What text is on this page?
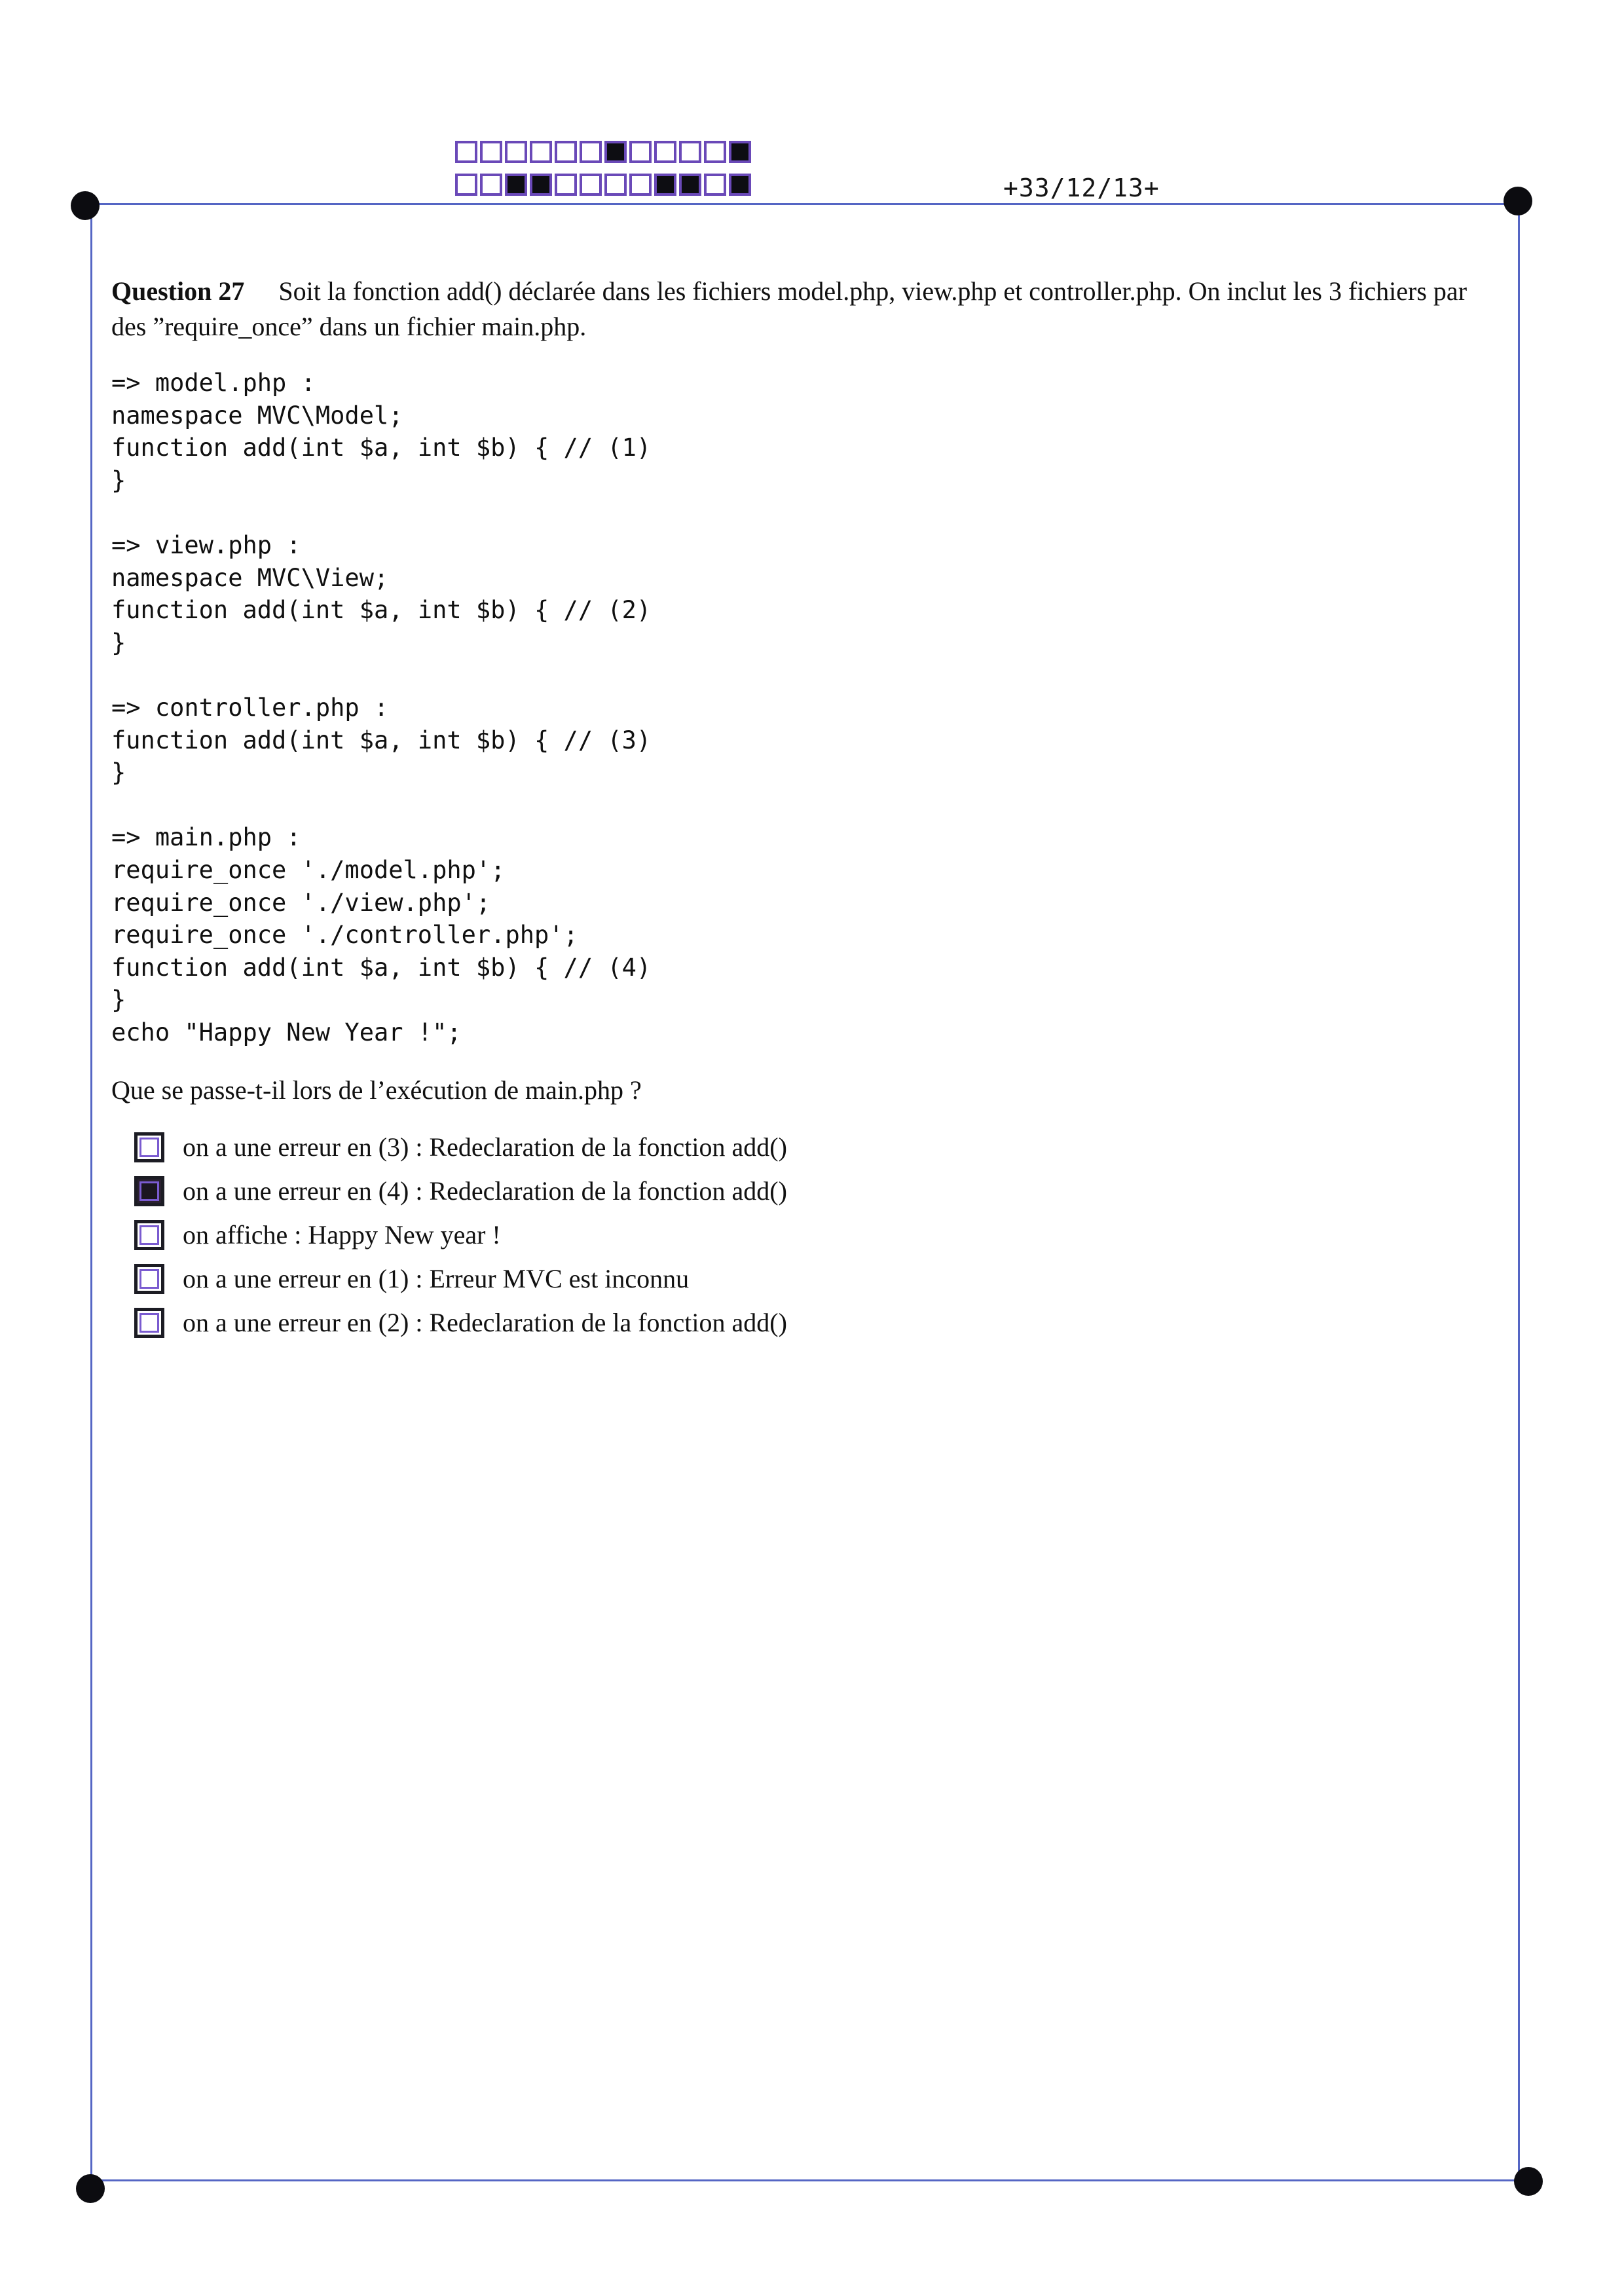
+33/12/13+
Question 27 Soit la fonction add() déclarée dans les fichiers model.php, view.php et controller.php. On inclut les 3 fichiers par des ”require_once” dans un fichier main.php.
=> model.php :
namespace MVC\Model;
function add(int $a, int $b) { // (1)
}
=> view.php :
namespace MVC\View;
function add(int $a, int $b) { // (2)
}
=> controller.php :
function add(int $a, int $b) { // (3)
}
=> main.php :
require_once './model.php';
require_once './view.php';
require_once './controller.php';
function add(int $a, int $b) { // (4)
}
echo "Happy New Year !";
Que se passe-t-il lors de l’exécution de main.php ?
on a une erreur en (3) : Redeclaration de la fonction add()
on a une erreur en (4) : Redeclaration de la fonction add()
on affiche : Happy New year !
on a une erreur en (1) : Erreur MVC est inconnu
on a une erreur en (2) : Redeclaration de la fonction add()
